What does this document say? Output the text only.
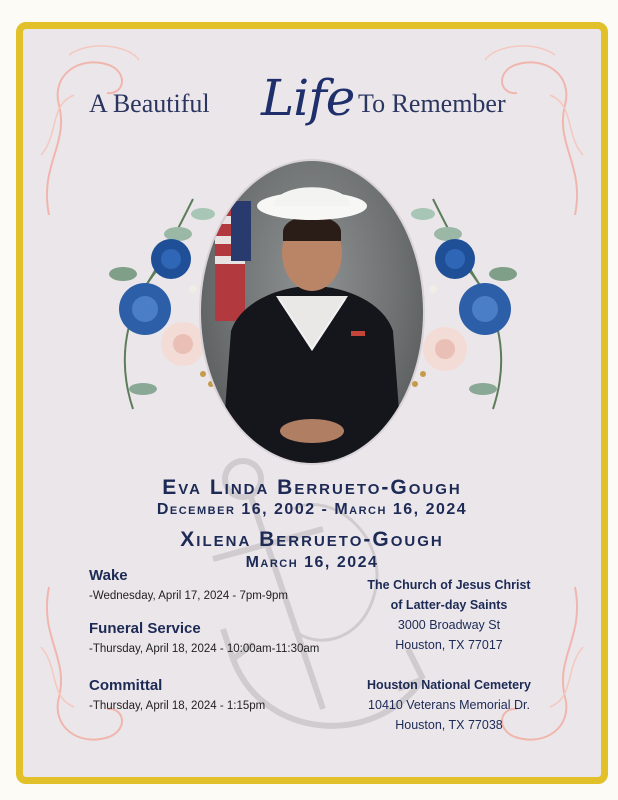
A Beautiful Life To Remember
Eva Linda Berrueto-Gough
December 16, 2002 - March 16, 2024
Xilena Berrueto-Gough
March 16, 2024
Wake
-Wednesday, April 17, 2024 - 7pm-9pm
Funeral Service
-Thursday, April 18, 2024 - 10:00am-11:30am
Committal
-Thursday, April 18, 2024 - 1:15pm
The Church of Jesus Christ
of Latter-day Saints
3000 Broadway St
Houston, TX 77017
Houston National Cemetery
10410 Veterans Memorial Dr.
Houston, TX 77038
